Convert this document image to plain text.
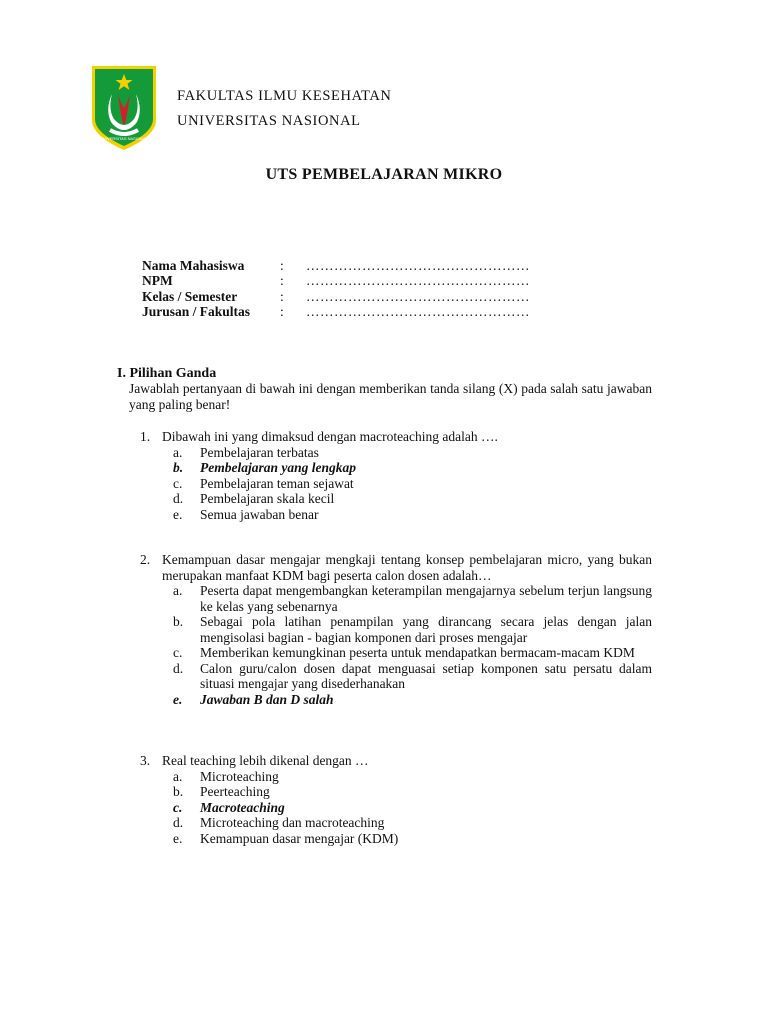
UNIVERSITAS NASIONAL
FAKULTAS ILMU KESEHATAN
UNIVERSITAS NASIONAL
UTS PEMBELAJARAN MIKRO
Nama Mahasiswa	: …………………………………………
NPM	: …………………………………………
Kelas / Semester	: …………………………………………
Jurusan / Fakultas : …………………………………………
I. Pilihan Ganda
Jawablah pertanyaan di bawah ini dengan memberikan tanda silang (X) pada salah satu jawaban yang paling benar!
1. Dibawah ini yang dimaksud dengan macroteaching adalah ….
a. Pembelajaran terbatas
b. Pembelajaran yang lengkap
c. Pembelajaran teman sejawat
d. Pembelajaran skala kecil
e. Semua jawaban benar
2. Kemampuan dasar mengajar mengkaji tentang konsep pembelajaran micro, yang bukan merupakan manfaat KDM bagi peserta calon dosen adalah…
a. Peserta dapat mengembangkan keterampilan mengajarnya sebelum terjun langsung ke kelas yang sebenarnya
b. Sebagai pola latihan penampilan yang dirancang secara jelas dengan jalan mengisolasi bagian - bagian komponen dari proses mengajar
c. Memberikan kemungkinan peserta untuk mendapatkan bermacam-macam KDM
d. Calon guru/calon dosen dapat menguasai setiap komponen satu persatu dalam situasi mengajar yang disederhanakan
e. Jawaban B dan D salah
3. Real teaching lebih dikenal dengan …
a. Microteaching
b. Peerteaching
c. Macroteaching
d. Microteaching dan macroteaching
e. Kemampuan dasar mengajar (KDM)
